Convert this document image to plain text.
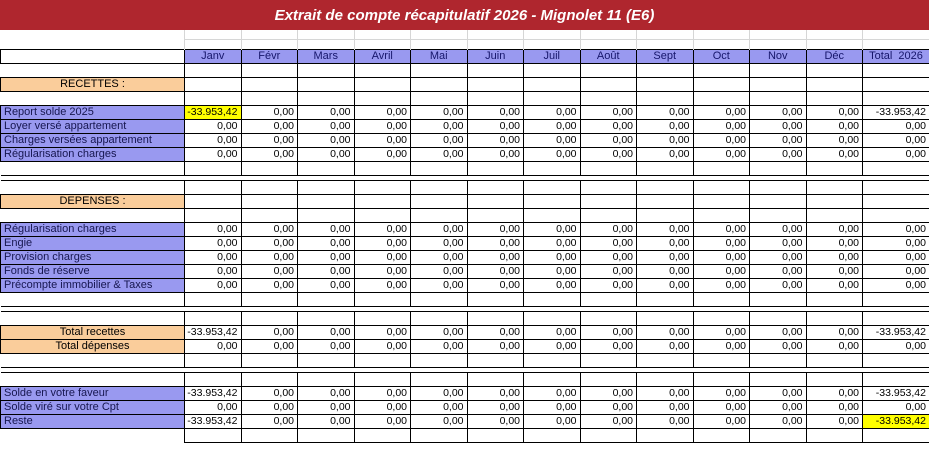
Extrait de compte récapitulatif 2026 - Mignolet 11 (E6)

	Janv	Févr	Mars	Avril	Mai	Juin	Juil	Août	Sept	Oct	Nov	Déc	Total  2026

RECETTES :													

Report solde 2025	-33.953,42	0,00	0,00	0,00	0,00	0,00	0,00	0,00	0,00	0,00	0,00	0,00	-33.953,42
Loyer versé appartement	0,00	0,00	0,00	0,00	0,00	0,00	0,00	0,00	0,00	0,00	0,00	0,00	0,00
Charges versées appartement	0,00	0,00	0,00	0,00	0,00	0,00	0,00	0,00	0,00	0,00	0,00	0,00	0,00
Régularisation charges	0,00	0,00	0,00	0,00	0,00	0,00	0,00	0,00	0,00	0,00	0,00	0,00	0,00

DEPENSES :													

Régularisation charges	0,00	0,00	0,00	0,00	0,00	0,00	0,00	0,00	0,00	0,00	0,00	0,00	0,00
Engie	0,00	0,00	0,00	0,00	0,00	0,00	0,00	0,00	0,00	0,00	0,00	0,00	0,00
Provision charges	0,00	0,00	0,00	0,00	0,00	0,00	0,00	0,00	0,00	0,00	0,00	0,00	0,00
Fonds de réserve	0,00	0,00	0,00	0,00	0,00	0,00	0,00	0,00	0,00	0,00	0,00	0,00	0,00
Précompte immobilier & Taxes	0,00	0,00	0,00	0,00	0,00	0,00	0,00	0,00	0,00	0,00	0,00	0,00	0,00

Total recettes	-33.953,42	0,00	0,00	0,00	0,00	0,00	0,00	0,00	0,00	0,00	0,00	0,00	-33.953,42
Total dépenses	0,00	0,00	0,00	0,00	0,00	0,00	0,00	0,00	0,00	0,00	0,00	0,00	0,00

Solde en votre faveur	-33.953,42	0,00	0,00	0,00	0,00	0,00	0,00	0,00	0,00	0,00	0,00	0,00	-33.953,42
Solde viré sur votre Cpt	0,00	0,00	0,00	0,00	0,00	0,00	0,00	0,00	0,00	0,00	0,00	0,00	0,00
Reste	-33.953,42	0,00	0,00	0,00	0,00	0,00	0,00	0,00	0,00	0,00	0,00	0,00	-33.953,42
